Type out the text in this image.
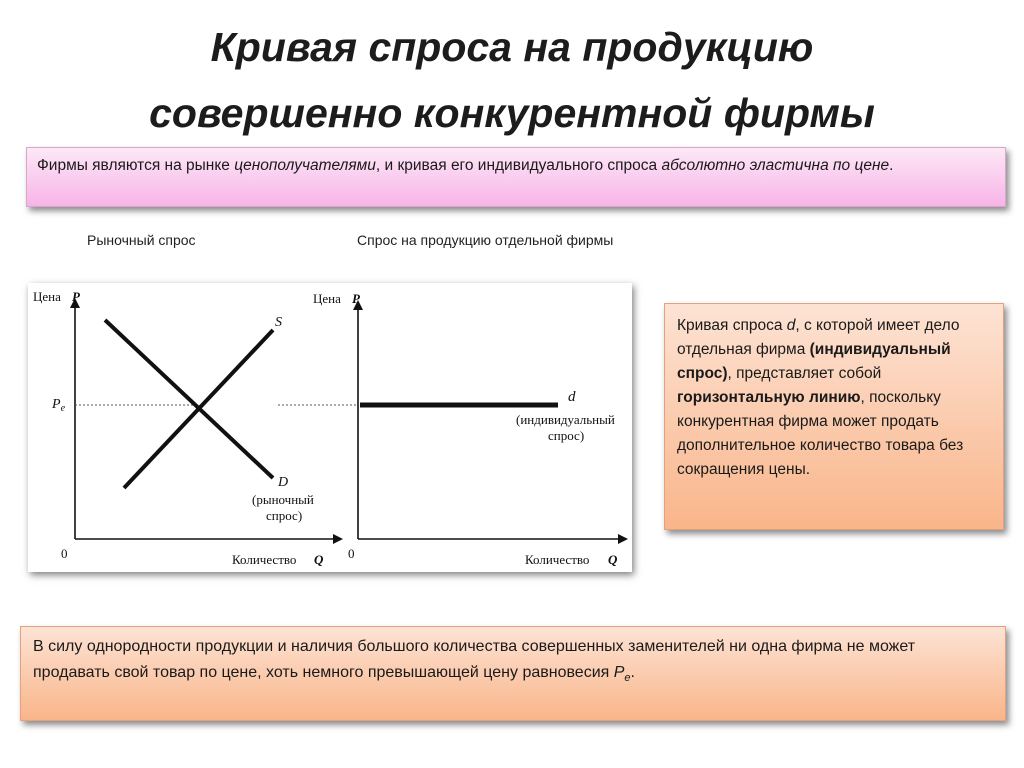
Кривая спроса на продукцию
совершенно конкурентной фирмы
Фирмы являются на рынке ценополучателями, и кривая его индивидуального спроса абсолютно эластична по цене.
Рыночный спрос	Спрос на продукцию отдельной фирмы
Цена P
$P_e$
0	Количество Q
S
D
(рыночный
спрос)
Цена P
0	Количество Q
d
(индивидуальный
спрос)
Кривая спроса d, с которой имеет дело отдельная фирма (индивидуальный спрос), представляет собой горизонтальную линию, поскольку конкурентная фирма может продать дополнительное количество товара без сокращения цены.
В силу однородности продукции и наличия большого количества совершенных заменителей ни одна фирма не может продавать свой товар по цене, хоть немного превышающей цену равновесия $P_e$.
